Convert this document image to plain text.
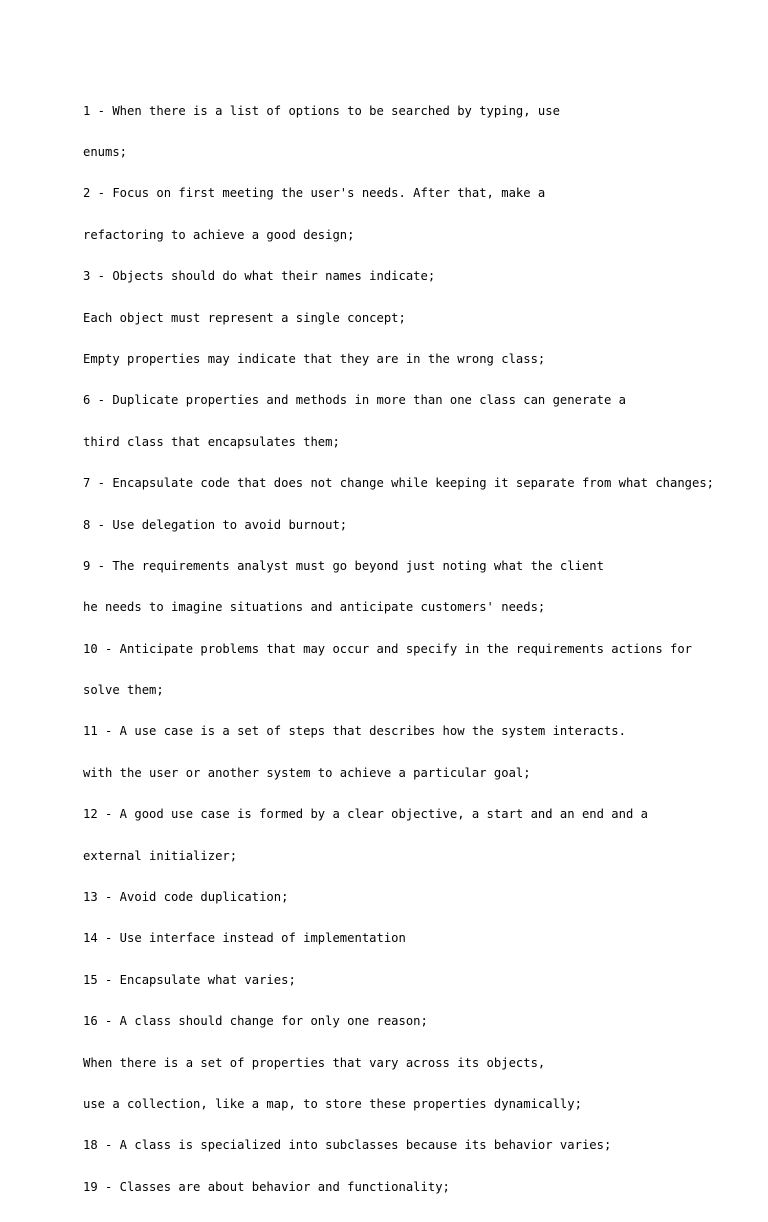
1 - When there is a list of options to be searched by typing, use

enums;

2 - Focus on first meeting the user's needs. After that, make a

refactoring to achieve a good design;

3 - Objects should do what their names indicate;

Each object must represent a single concept;

Empty properties may indicate that they are in the wrong class;

6 - Duplicate properties and methods in more than one class can generate a

third class that encapsulates them;

7 - Encapsulate code that does not change while keeping it separate from what changes;

8 - Use delegation to avoid burnout;

9 - The requirements analyst must go beyond just noting what the client

he needs to imagine situations and anticipate customers' needs;

10 - Anticipate problems that may occur and specify in the requirements actions for

solve them;

11 - A use case is a set of steps that describes how the system interacts.

with the user or another system to achieve a particular goal;

12 - A good use case is formed by a clear objective, a start and an end and a

external initializer;

13 - Avoid code duplication;

14 - Use interface instead of implementation

15 - Encapsulate what varies;

16 - A class should change for only one reason;

When there is a set of properties that vary across its objects,

use a collection, like a map, to store these properties dynamically;

18 - A class is specialized into subclasses because its behavior varies;

19 - Classes are about behavior and functionality;
